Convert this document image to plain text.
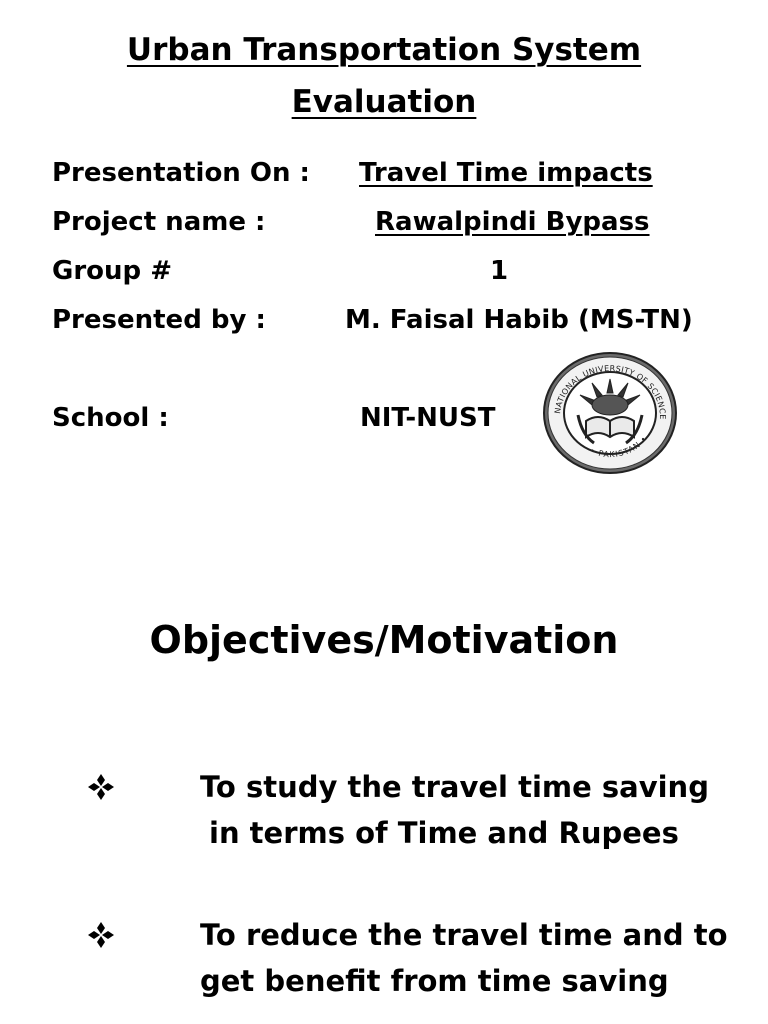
Urban Transportation System
Evaluation
Presentation On : Travel Time impacts
Project name :	Rawalpindi Bypass
Group #	1
Presented by :	M. Faisal Habib (MS-TN)
School :	NIT-NUST	NATIONAL UNIVERSITY OF SCIENCE
• PAKISTAN •
Objectives/Motivation
To study the travel time saving
in terms of Time and Rupees
To reduce the travel time and to
get benefit from time saving
